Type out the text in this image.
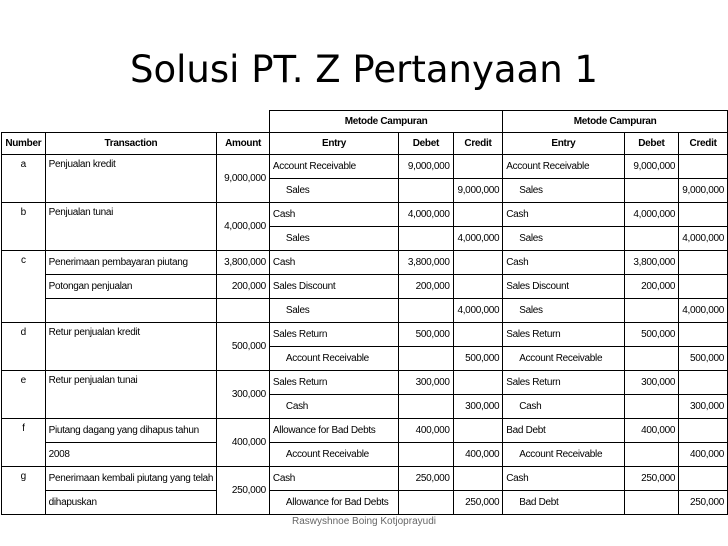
Solusi PT. Z Pertanyaan 1
			Metode Campuran			Metode Campuran		
Number	Transaction	Amount	Entry	Debet	Credit	Entry	Debet	Credit
a	Penjualan kredit	9,000,000	Account Receivable	9,000,000		Account Receivable	9,000,000	
			Sales		9,000,000	Sales		9,000,000
b	Penjualan tunai	4,000,000	Cash	4,000,000		Cash	4,000,000	
			Sales		4,000,000	Sales		4,000,000
c	Penerimaan pembayaran piutang	3,800,000	Cash	3,800,000		Cash	3,800,000	
	Potongan penjualan	200,000	Sales Discount	200,000		Sales Discount	200,000	
			Sales		4,000,000	Sales		4,000,000
d	Retur penjualan kredit	500,000	Sales Return	500,000		Sales Return	500,000	
			Account Receivable		500,000	Account Receivable		500,000
e	Retur penjualan tunai	300,000	Sales Return	300,000		Sales Return	300,000	
			Cash		300,000	Cash		300,000
f	Piutang dagang yang dihapus tahun	400,000	Allowance for Bad Debts	400,000		Bad Debt	400,000	
	2008		Account Receivable		400,000	Account Receivable		400,000
g	Penerimaan kembali piutang yang telah	250,000	Cash	250,000		Cash	250,000	
	dihapuskan		Allowance for Bad Debts		250,000	Bad Debt		250,000
Raswyshnoe Boing Kotjoprayudi
